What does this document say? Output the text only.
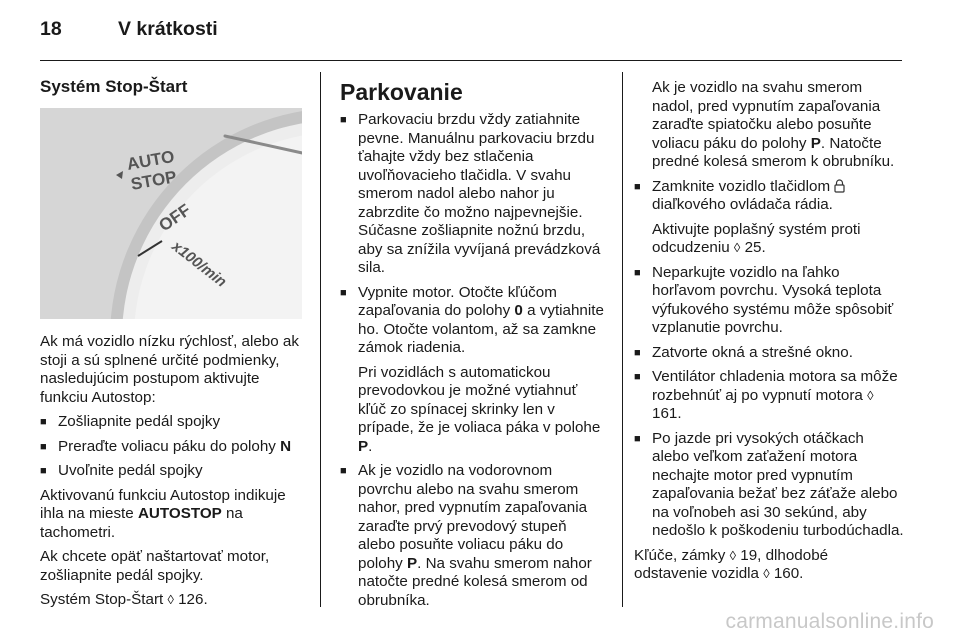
18	V krátkosti

Systém Stop-Štart

AUTO
STOP
OFF
x100/min

Ak má vozidlo nízku rýchlosť, alebo ak stoji a sú splnené určité podmienky, nasledujúcim postupom aktivujte funkciu Autostop:

■ Zošliapnite pedál spojky

■ Preraďte voliacu páku do polohy N

■ Uvoľnite pedál spojky

Aktivovanú funkciu Autostop indikuje ihla na mieste AUTOSTOP na tachometri.

Ak chcete opäť naštartovať motor, zošliapnite pedál spojky.

Systém Stop-Štart ◊ 126.

Parkovanie

■ Parkovaciu brzdu vždy zatiahnite pevne. Manuálnu parkovaciu brzdu ťahajte vždy bez stlačenia uvoľňovacieho tlačidla. V svahu smerom nadol alebo nahor ju zabrzdite čo možno najpevnejšie. Súčasne zošliapnite nožnú brzdu, aby sa znížila vyvíjaná prevádzková sila.

■ Vypnite motor. Otočte kľúčom zapaľovania do polohy 0 a vytiahnite ho. Otočte volantom, až sa zamkne zámok riadenia.

Pri vozidlách s automatickou prevodovkou je možné vytiahnuť kľúč zo spínacej skrinky len v prípade, že je voliaca páka v polohe P.

■ Ak je vozidlo na vodorovnom povrchu alebo na svahu smerom nahor, pred vypnutím zapaľovania zaraďte prvý prevodový stupeň alebo posuňte voliacu páku do polohy P. Na svahu smerom nahor natočte predné kolesá smerom od obrubníka.

Ak je vozidlo na svahu smerom nadol, pred vypnutím zapaľovania zaraďte spiatočku alebo posuňte voliacu páku do polohy P. Natočte predné kolesá smerom k obrubníku.

■ Zamknite vozidlo tlačidlom  diaľkového ovládača rádia.

Aktivujte poplašný systém proti odcudzeniu ◊ 25.

■ Neparkujte vozidlo na ľahko horľavom povrchu. Vysoká teplota výfukového systému môže spôsobiť vzplanutie povrchu.

■ Zatvorte okná a strešné okno.

■ Ventilátor chladenia motora sa môže rozbehnúť aj po vypnutí motora ◊ 161.

■ Po jazde pri vysokých otáčkach alebo veľkom zaťažení motora nechajte motor pred vypnutím zapaľovania bežať bez záťaže alebo na voľnobeh asi 30 sekúnd, aby nedošlo k poškodeniu turbodúchadla.

Kľúče, zámky ◊ 19, dlhodobé odstavenie vozidla ◊ 160.

carmanualsonline.info
